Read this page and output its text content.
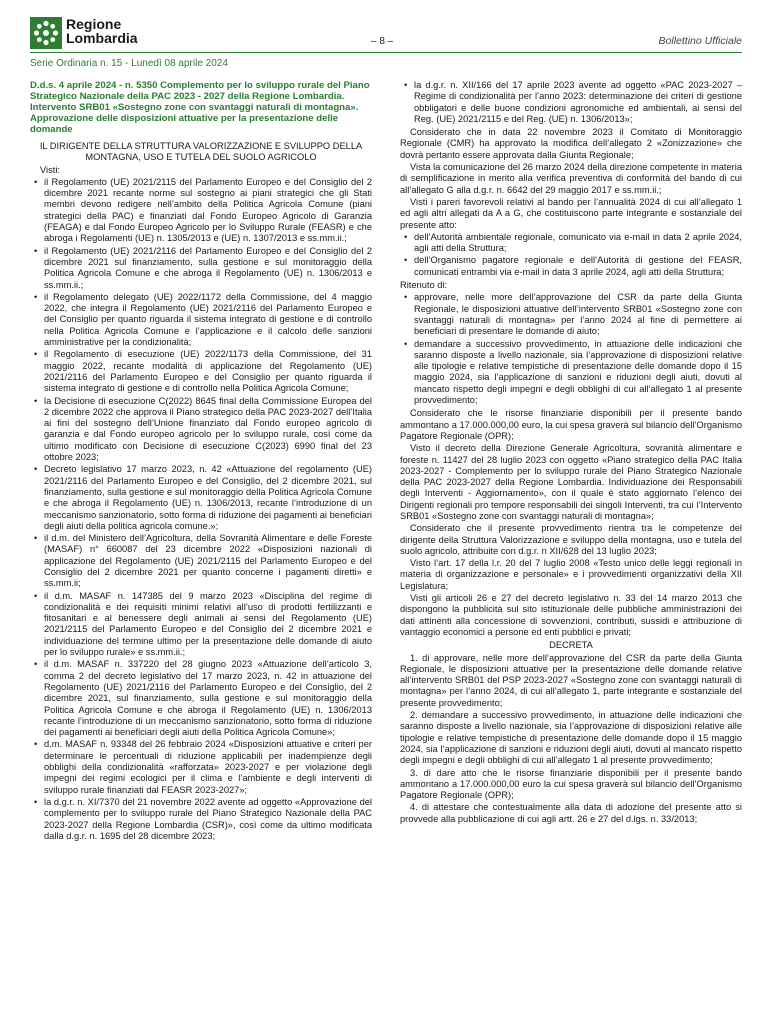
Regione
Lombardia	– 8 –	Bollettino Ufficiale
Serie Ordinaria n. 15 - Lunedì 08 aprile 2024

D.d.s. 4 aprile 2024 - n. 5350 Complemento per lo sviluppo rurale del Piano Strategico Nazionale della PAC 2023 - 2027 della Regione Lombardia. Intervento SRB01 «Sostegno zone con svantaggi naturali di montagna». Approvazione delle disposizioni attuative per la presentazione delle domande

IL DIRIGENTE DELLA STRUTTURA VALORIZZAZIONE E SVILUPPO DELLA MONTAGNA, USO E TUTELA DEL SUOLO AGRICOLO

Visti:

• il Regolamento (UE) 2021/2115 del Parlamento Europeo e del Consiglio del 2 dicembre 2021 recante norme sul sostegno ai piani strategici che gli Stati membri devono redigere nell’ambito della Politica Agricola Comune (piani strategici della PAC) e finanziati dal Fondo Europeo Agricolo di Garanzia (FEAGA) e dal Fondo Europeo Agricolo per lo Sviluppo Rurale (FEASR) e che abroga i Regolamenti (UE) n. 1305/2013 e (UE) n. 1307/2013 e ss.mm.ii.;
• il Regolamento (UE) 2021/2116 del Parlamento Europeo e del Consiglio del 2 dicembre 2021 sul finanziamento, sulla gestione e sul monitoraggio della Politica Agricola Comune e che abroga il Regolamento (UE) n. 1306/2013 e ss.mm.ii.;
• il Regolamento delegato (UE) 2022/1172 della Commissione, del 4 maggio 2022, che integra il Regolamento (UE) 2021/2116 del Parlamento Europeo e del Consiglio per quanto riguarda il sistema integrato di gestione e di controllo nella Politica Agricola Comune e l’applicazione e il calcolo delle sanzioni amministrative per la condizionalità;
• il Regolamento di esecuzione (UE) 2022/1173 della Commissione, del 31 maggio 2022, recante modalità di applicazione del Regolamento (UE) 2021/2116 del Parlamento Europeo e del Consiglio per quanto riguarda il sistema integrato di gestione e di controllo nella Politica Agricola Comune;
• la Decisione di esecuzione C(2022) 8645 final della Commissione Europea del 2 dicembre 2022 che approva il Piano strategico della PAC 2023-2027 dell’Italia ai fini del sostegno dell’Unione finanziato dal Fondo europeo agricolo di garanzia e dal Fondo europeo agricolo per lo sviluppo rurale, così come da ultimo modificato con Decisione di esecuzione C(2023) 6990 final del 23 ottobre 2023;
• Decreto legislativo 17 marzo 2023, n. 42 «Attuazione del regolamento (UE) 2021/2116 del Parlamento Europeo e del Consiglio, del 2 dicembre 2021, sul finanziamento, sulla gestione e sul monitoraggio della Politica Agricola Comune e che abroga il Regolamento (UE) n. 1306/2013, recante l’introduzione di un meccanismo sanzionatorio, sotto forma di riduzione dei pagamenti ai beneficiari degli aiuti della politica agricola comune.»;
• il d.m. del Ministero dell’Agricoltura, della Sovranità Alimentare e delle Foreste (MASAF) n° 660087 del 23 dicembre 2022 «Disposizioni nazionali di applicazione del Regolamento (UE) 2021/2115 del Parlamento Europeo e del Consiglio del 2 dicembre 2021 per quanto concerne i pagamenti diretti» e ss.mm.ii;
• il d.m. MASAF n. 147385 del 9 marzo 2023 «Disciplina del regime di condizionalità e dei requisiti minimi relativi all’uso di prodotti fertilizzanti e fitosanitari e al benessere degli animali ai sensi del Regolamento (UE) 2021/2115 del Parlamento Europeo e del Consiglio del 2 dicembre 2021 e individuazione del termine ultimo per la presentazione delle domande di aiuto per lo sviluppo rurale» e ss.mm.ii.;
• il d.m. MASAF n. 337220 del 28 giugno 2023 «Attuazione dell’articolo 3, comma 2 del decreto legislativo del 17 marzo 2023, n. 42 in attuazione del Regolamento (UE) 2021/2116 del Parlamento Europeo e del Consiglio, del 2 dicembre 2021, sul finanziamento, sulla gestione e sul monitoraggio della Politica Agricola Comune e che abroga il Regolamento (UE) n. 1306/2013 recante l’introduzione di un meccanismo sanzionatorio, sotto forma di riduzione dei pagamenti ai beneficiari degli aiuti della Politica Agricola Comune»;
• d.m. MASAF n. 93348 del 26 febbraio 2024 «Disposizioni attuative e criteri per determinare le percentuali di riduzione applicabili per inadempienze degli obblighi della condizionalità «rafforzata» 2023-2027 e per violazione degli impegni dei regimi ecologici per il clima e l’ambiente e degli interventi di sviluppo rurale finanziati dal FEASR 2023-2027»;
• la d.g.r. n. XI/7370 del 21 novembre 2022 avente ad oggetto «Approvazione del complemento per lo sviluppo rurale del Piano Strategico Nazionale della PAC 2023-2027 della Regione Lombardia (CSR)», così come da ultimo modificata dalla d.g.r. n. 1695 del 28 dicembre 2023;
• la d.g.r. n. XII/166 del 17 aprile 2023 avente ad oggetto «PAC 2023-2027 – Regime di condizionalità per l’anno 2023: determinazione dei criteri di gestione obbligatori e delle buone condizioni agronomiche ed ambientali, ai sensi del Reg. (UE) 2021/2115 e del Reg. (UE) n. 1306/2013»;

Considerato che in data 22 novembre 2023 il Comitato di Monitoraggio Regionale (CMR) ha approvato la modifica dell’allegato 2 «Zonizzazione» che dovrà pertanto essere approvata dalla Giunta Regionale;

Vista la comunicazione del 26 marzo 2024 della direzione competente in materia di semplificazione in merito alla verifica preventiva di conformità del bando di cui all’allegato G alla d.g.r. n. 6642 del 29 maggio 2017 e ss.mm.ii.;

Visti i pareri favorevoli relativi al bando per l’annualità 2024 di cui all’allegato 1 ed agli altri allegati da A a G, che costituiscono parte integrante e sostanziale del presente atto:

• dell’Autorità ambientale regionale, comunicato via e-mail in data 2 aprile 2024, agli atti della Struttura;
• dell’Organismo pagatore regionale e dell’Autorità di gestione del FEASR, comunicati entrambi via e-mail in data 3 aprile 2024, agli atti della Struttura;

Ritenuto di:

• approvare, nelle more dell’approvazione del CSR da parte della Giunta Regionale, le disposizioni attuative dell’intervento SRB01 «Sostegno zone con svantaggi naturali di montagna» per l’anno 2024 al fine di permettere ai beneficiari di presentare le domande di aiuto;
• demandare a successivo provvedimento, in attuazione delle indicazioni che saranno disposte a livello nazionale, sia l’approvazione di disposizioni relative alle tipologie e relative tempistiche di presentazione delle domande dopo il 15 maggio 2024, sia l’applicazione di sanzioni e riduzioni degli aiuti, dovuti al mancato rispetto degli impegni e degli obblighi di cui all’allegato 1 al presente provvedimento;

Considerato che le risorse finanziarie disponibili per il presente bando ammontano a 17.000.000,00 euro, la cui spesa graverà sul bilancio dell’Organismo Pagatore Regionale (OPR);

Visto il decreto della Direzione Generale Agricoltura, sovranità alimentare e foreste n. 11427 del 28 luglio 2023 con oggetto «Piano strategico della PAC Italia 2023-2027 - Complemento per lo sviluppo rurale del Piano Strategico Nazionale della PAC 2023-2027 della Regione Lombardia. Individuazione dei Responsabili degli Interventi - Aggiornamento», con il quale è stato aggiornato l’elenco dei Dirigenti regionali pro tempore responsabili dei singoli Interventi, tra cui l’Intervento SRB01 «Sostegno zone con svantaggi naturali di montagna»;

Considerato che il presente provvedimento rientra tra le competenze del dirigente della Struttura Valorizzazione e sviluppo della montagna, uso e tutela del suolo agricolo, attribuite con d.g.r. n XII/628 del 13 luglio 2023;

Visto l’art. 17 della l.r. 20 del 7 luglio 2008 «Testo unico delle leggi regionali in materia di organizzazione e personale» e i provvedimenti organizzativi della XII Legislatura;

Visti gli articoli 26 e 27 del decreto legislativo n. 33 del 14 marzo 2013 che dispongono la pubblicità sul sito istituzionale delle pubbliche amministrazioni dei dati attinenti alla concessione di sovvenzioni, contributi, sussidi e attribuzione di vantaggio economici a persone ed enti pubblici e privati;

DECRETA

1. di approvare, nelle more dell’approvazione del CSR da parte della Giunta Regionale, le disposizioni attuative per la presentazione delle domande relative all’intervento SRB01 del PSP 2023-2027 «Sostegno zone con svantaggi naturali di montagna» per l’anno 2024, di cui all’allegato 1, parte integrante e sostanziale del presente provvedimento;

2. demandare a successivo provvedimento, in attuazione delle indicazioni che saranno disposte a livello nazionale, sia l’approvazione di disposizioni relative alle tipologie e relative tempistiche di presentazione delle domande dopo il 15 maggio 2024, sia l’applicazione di sanzioni e riduzioni degli aiuti, dovuti al mancato rispetto degli impegni e degli obblighi di cui all’allegato 1 al presente provvedimento;

3. di dare atto che le risorse finanziarie disponibili per il presente bando ammontano a 17.000.000,00 euro la cui spesa graverà sul bilancio dell’Organismo Pagatore Regionale (OPR);

4. di attestare che contestualmente alla data di adozione del presente atto si provvede alla pubblicazione di cui agli artt. 26 e 27 del d.lgs. n. 33/2013;
